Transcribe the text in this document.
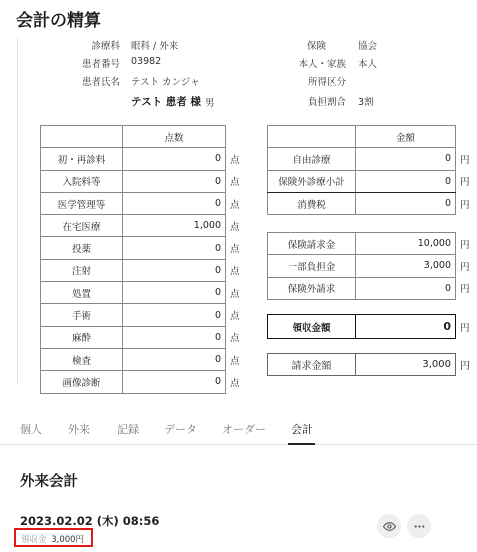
会計の精算
診療科 眼科 / 外来
患者番号 03982
患者氏名 テスト カンジャ
テスト 患者 様 男
保険	協会
本人・家族 本人
所得区分
負担割合 3割
	点数	
初・再診料	0	点
入院料等	0	点
医学管理等	0	点
在宅医療	1,000	点
投薬	0	点
注射	0	点
処置	0	点
手術	0	点
麻酔	0	点
検査	0	点
画像診断	0	点
	金額	
自由診療	0	円
保険外診療小計	0	円
消費税	0	円
保険請求金	10,000	円
一部負担金	3,000	円
保険外請求	0	円
領収金額	0	円
請求金額	3,000	円
個人 外来 記録 データ オーダー 会計
外来会計
2023.02.02 (木) 08:56
領収金 3,000円
